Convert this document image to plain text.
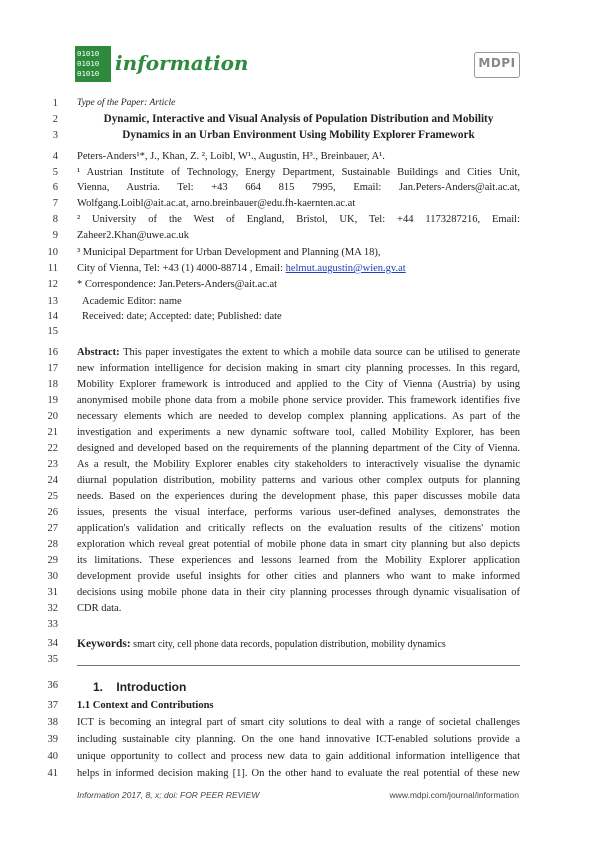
01010
01010
01010 information	MDPI
1
2
3
4
5
6
7
8
9
10
11
12
13
14
15
16
17
18
19
20
21
22
23
24
25
26
27
28
29
30
31
32
33
34
35
36
37
38
39
40
41
Type of the Paper: Article
Dynamic, Interactive and Visual Analysis of Population Distribution and Mobility
Dynamics in an Urban Environment Using Mobility Explorer Framework
Peters-Anders¹*, J., Khan, Z. ², Loibl, W¹., Augustin, H³., Breinbauer, A¹.
¹ Austrian Institute of Technology, Energy Department, Sustainable Buildings and Cities Unit,
Vienna, Austria. Tel: +43 664 815 7995, Email: Jan.Peters-Anders@ait.ac.at,
Wolfgang.Loibl@ait.ac.at, arno.breinbauer@edu.fh-kaernten.ac.at
² University of the West of England, Bristol, UK, Tel: +44 1173287216, Email:
Zaheer2.Khan@uwe.ac.uk
³ Municipal Department for Urban Development and Planning (MA 18),
City of Vienna, Tel: +43 (1) 4000-88714 , Email: helmut.augustin@wien.gv.at
* Correspondence: Jan.Peters-Anders@ait.ac.at
Academic Editor: name
Received: date; Accepted: date; Published: date
Abstract: This paper investigates the extent to which a mobile data source can be utilised to generate
new information intelligence for decision making in smart city planning processes. In this regard,
Mobility Explorer framework is introduced and applied to the City of Vienna (Austria) by using
anonymised mobile phone data from a mobile phone service provider. This framework identifies five
necessary elements which are needed to develop complex planning applications. As part of the
investigation and experiments a new dynamic software tool, called Mobility Explorer, has been
designed and developed based on the requirements of the planning department of the City of Vienna.
As a result, the Mobility Explorer enables city stakeholders to interactively visualise the dynamic
diurnal population distribution, mobility patterns and various other complex outputs for planning
needs. Based on the experiences during the development phase, this paper discusses mobile data
issues, presents the visual interface, performs various user-defined analyses, demonstrates the
application's validation and critically reflects on the evaluation results of the citizens' motion
exploration which reveal great potential of mobile phone data in smart city planning but also depicts
its limitations. These experiences and lessons learned from the Mobility Explorer application
development provide useful insights for other cities and planners who want to make informed
decisions using mobile phone data in their city planning processes through dynamic visualisation of
CDR data.
Keywords: smart city, cell phone data records, population distribution, mobility dynamics
1. Introduction
1.1 Context and Contributions
ICT is becoming an integral part of smart city solutions to deal with a range of societal challenges
including sustainable city planning. On the one hand innovative ICT-enabled solutions provide a
unique opportunity to collect and process new data to gain additional information intelligence that
helps in informed decision making [1]. On the other hand to evaluate the real potential of these new
Information 2017, 8, x; doi: FOR PEER REVIEW	www.mdpi.com/journal/information
